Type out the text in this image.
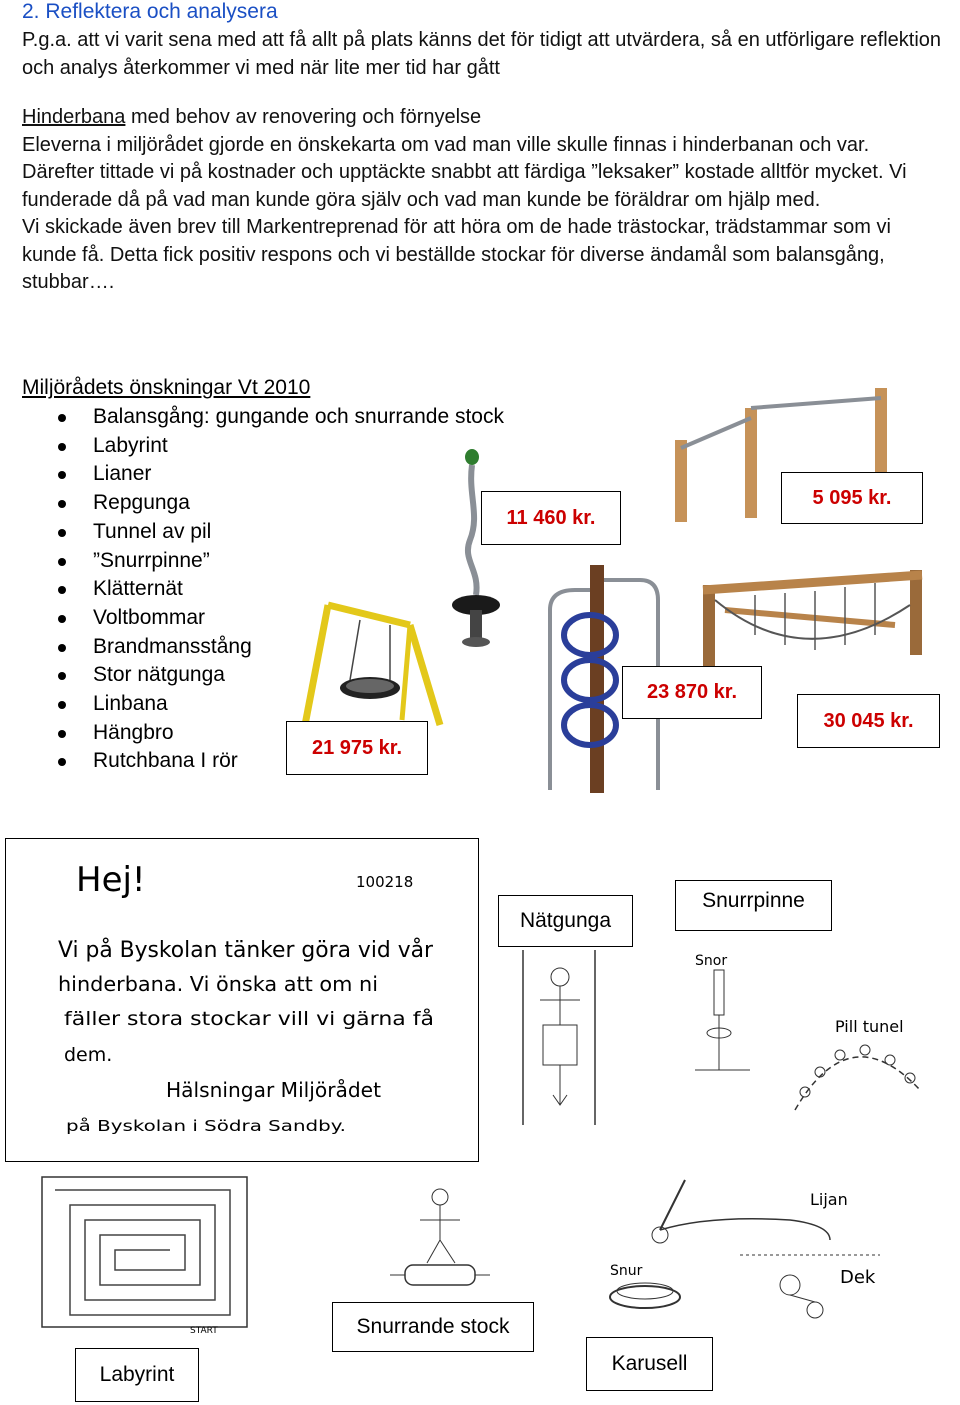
2. Reflektera och analysera

P.g.a. att vi varit sena med att få allt på plats känns det för tidigt att utvärdera, så en utförligare reflektion och analys återkommer vi med när lite mer tid har gått

Hinderbana med behov av renovering och förnyelse

Eleverna i miljörådet gjorde en önskekarta om vad man ville skulle finnas i hinderbanan och var. Därefter tittade vi på kostnader och upptäckte snabbt att färdiga ”leksaker” kostade alltför mycket. Vi funderade då på vad man kunde göra själv och vad man kunde be föräldrar om hjälp med.

Vi skickade även brev till Markentreprenad för att höra om de hade trästockar, trädstammar som vi kunde få. Detta fick positiv respons och vi beställde stockar för diverse ändamål som balansgång, stubbar….

Miljörådets önskningar Vt 2010
Balansgång: gungande och snurrande stock
Labyrint
Lianer
Repgunga
Tunnel av pil
”Snurrpinne”
Klätternät
Voltbommar
Brandmansstång
Stor nätgunga
Linbana
Hängbro
Rutchbana I rör
11 460 kr.
5 095 kr.
23 870 kr.
30 045 kr.
21 975 kr.
Hej!	100218
Vi på Byskolan tänker göra vid vår
hinderbana. Vi önska att om ni
fäller stora stockar vill vi gärna få
dem.
Hälsningar Miljörådet
på Byskolan i Södra Sandby.
Snor
Pill tunel
START
Lijan
Snur	Dek
Nätgunga
Snurrpinne
Snurrande stock
Karusell
Labyrint
